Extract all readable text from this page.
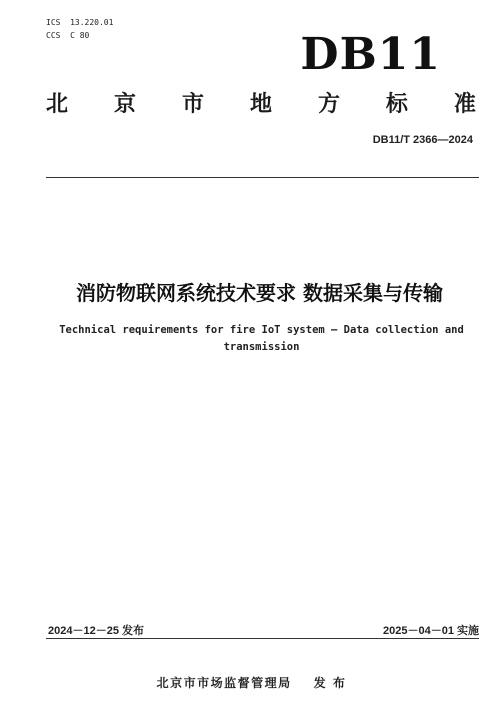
ICS  13.220.01
CCS  C 80	DB11
北 京 市 地 方 标 准
DB11/T 2366—2024
消防物联网系统技术要求 数据采集与传输
Technical requirements for fire IoT system — Data collection and
transmission
2024－12－25 发布	2025－04－01 实施
北京市市场监督管理局 发 布
